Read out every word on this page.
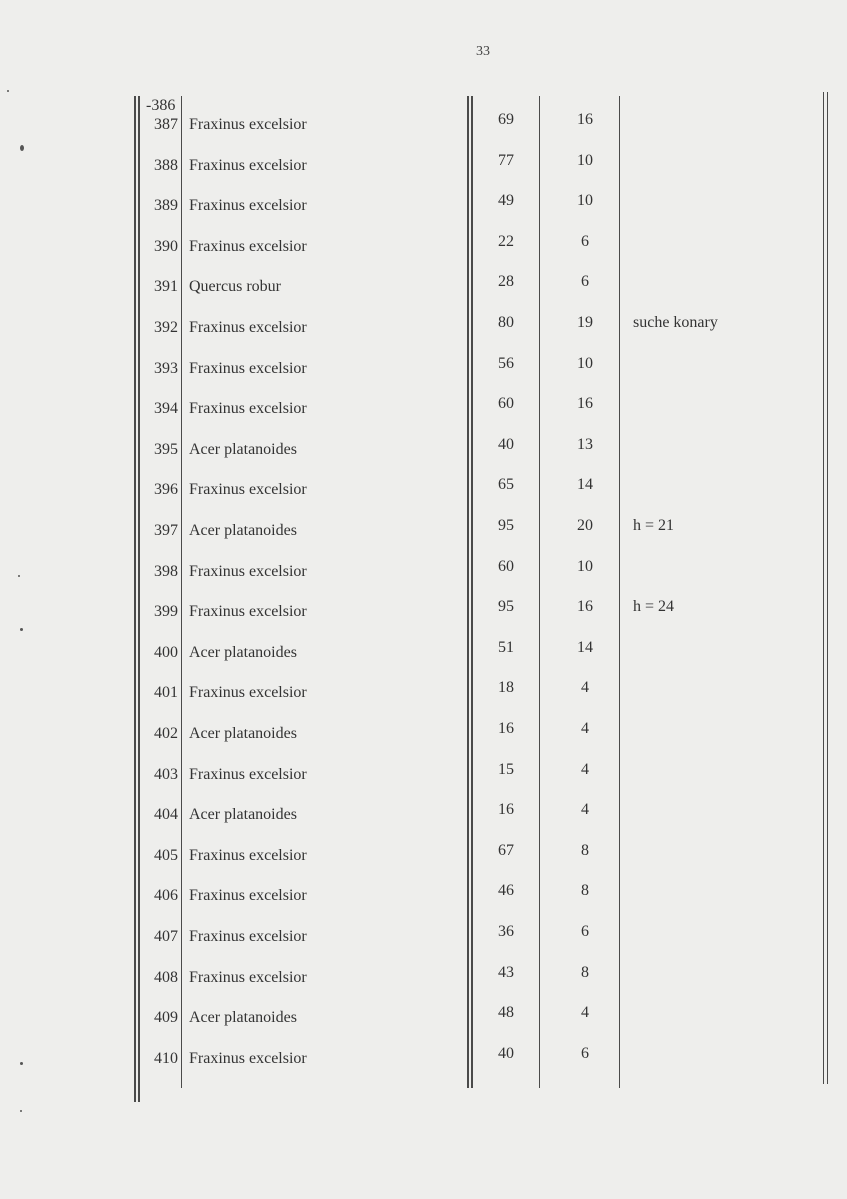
33
-386
387 Fraxinus excelsior	69	16
388 Fraxinus excelsior	77	10
389 Fraxinus excelsior	49	10
390 Fraxinus excelsior	22	6
391 Quercus robur	28	6
392 Fraxinus excelsior	80	19	suche konary
393 Fraxinus excelsior	56	10
394 Fraxinus excelsior	60	16
395 Acer platanoides	40	13
396 Fraxinus excelsior	65	14
397 Acer platanoides	95	20	h = 21
398 Fraxinus excelsior	60	10
399 Fraxinus excelsior	95	16	h = 24
400 Acer platanoides	51	14
401 Fraxinus excelsior	18	4
402 Acer platanoides	16	4
403 Fraxinus excelsior	15	4
404 Acer platanoides	16	4
405 Fraxinus excelsior	67	8
406 Fraxinus excelsior	46	8
407 Fraxinus excelsior	36	6
408 Fraxinus excelsior	43	8
409 Acer platanoides	48	4
410 Fraxinus excelsior	40	6
